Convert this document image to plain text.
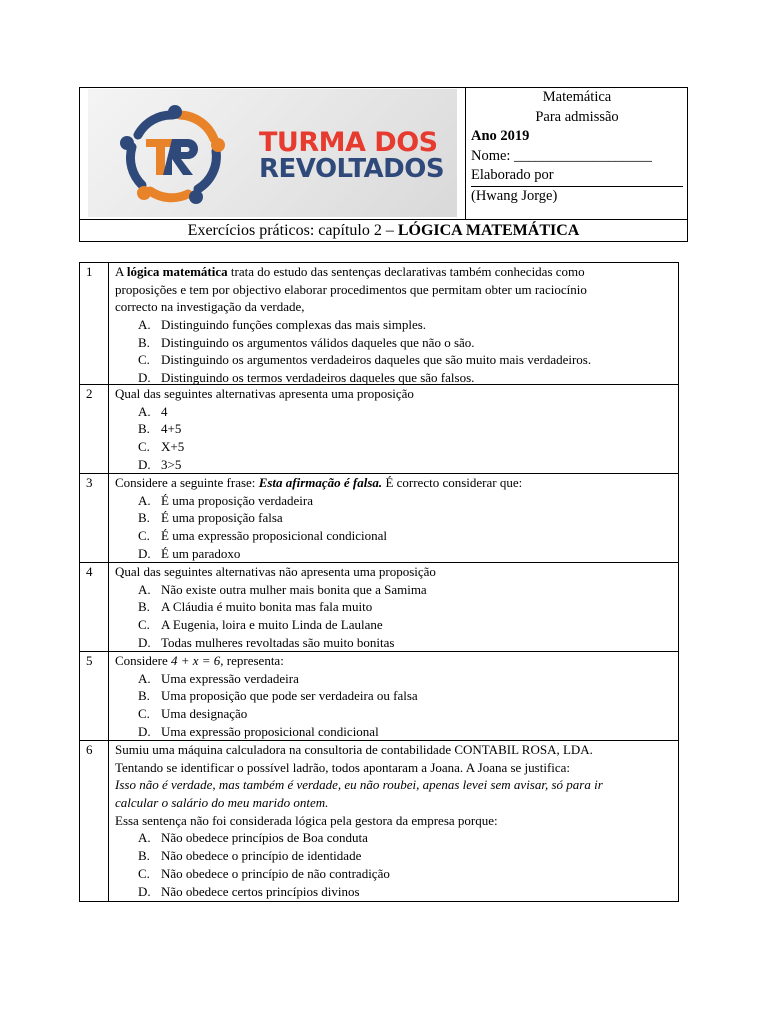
TURMA DOS
REVOLTADOS
Matemática
Para admissão
Ano 2019
Nome: ___________________
Elaborado por
(Hwang Jorge)
Exercícios práticos: capítulo 2 – LÓGICA MATEMÁTICA
1	A lógica matemática trata do estudo das sentenças declarativas também conhecidas como
proposições e tem por objectivo elaborar procedimentos que permitam obter um raciocínio
correcto na investigação da verdade,
A. Distinguindo funções complexas das mais simples.
B. Distinguindo os argumentos válidos daqueles que não o são.
C. Distinguindo os argumentos verdadeiros daqueles que são muito mais verdadeiros.
D. Distinguindo os termos verdadeiros daqueles que são falsos.
2	Qual das seguintes alternativas apresenta uma proposição
A. 4
B. 4+5
C. X+5
D. 3>5
3	Considere a seguinte frase: Esta afirmação é falsa. É correcto considerar que:
A. É uma proposição verdadeira
B. É uma proposição falsa
C. É uma expressão proposicional condicional
D. É um paradoxo
4	Qual das seguintes alternativas não apresenta uma proposição
A. Não existe outra mulher mais bonita que a Samima
B. A Cláudia é muito bonita mas fala muito
C. A Eugenia, loira e muito Linda de Laulane
D. Todas mulheres revoltadas são muito bonitas
5	Considere 4 + x = 6, representa:
A. Uma expressão verdadeira
B. Uma proposição que pode ser verdadeira ou falsa
C. Uma designação
D. Uma expressão proposicional condicional
6	Sumiu uma máquina calculadora na consultoria de contabilidade CONTABIL ROSA, LDA.
Tentando se identificar o possível ladrão, todos apontaram a Joana. A Joana se justifica:
Isso não é verdade, mas também é verdade, eu não roubei, apenas levei sem avisar, só para ir
calcular o salário do meu marido ontem.
Essa sentença não foi considerada lógica pela gestora da empresa porque:
A. Não obedece princípios de Boa conduta
B. Não obedece o princípio de identidade
C. Não obedece o princípio de não contradição
D. Não obedece certos princípios divinos
